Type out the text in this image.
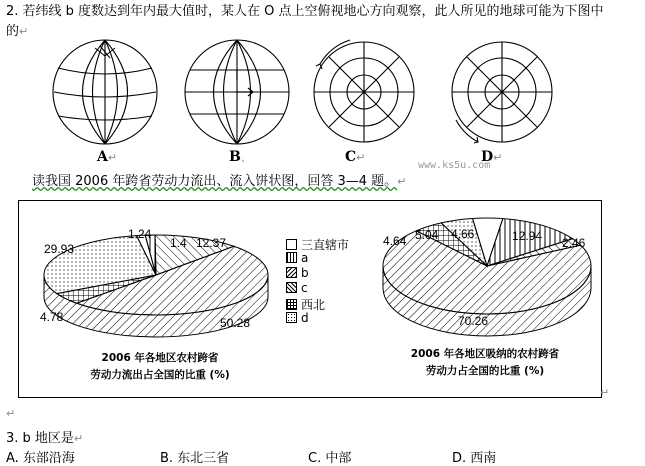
2. 若纬线 b 度数达到年内最大值时，某人在 O 点上空俯视地心方向观察，此人所见的地球可能为下图中
的↵
A↵	B、	C↵	D↵
www.ks5u.com
读我国 2006 年跨省劳动力流出、流入饼状图，回答 3—4 题。↵
1.24
1.4 12.37
50.28
4.78
29.93
4.66	12.94 2.46
70.26
4.64 5.04
三直辖市
a
b
c
西北
d
2006 年各地区农村跨省
劳动力流出占全国的比重 (%)
2006 年各地区吸纳的农村跨省
劳动力占全国的比重 (%)
↵
↵
3. b 地区是↵
A. 东部沿海	B. 东北三省	C. 中部	D. 西南
